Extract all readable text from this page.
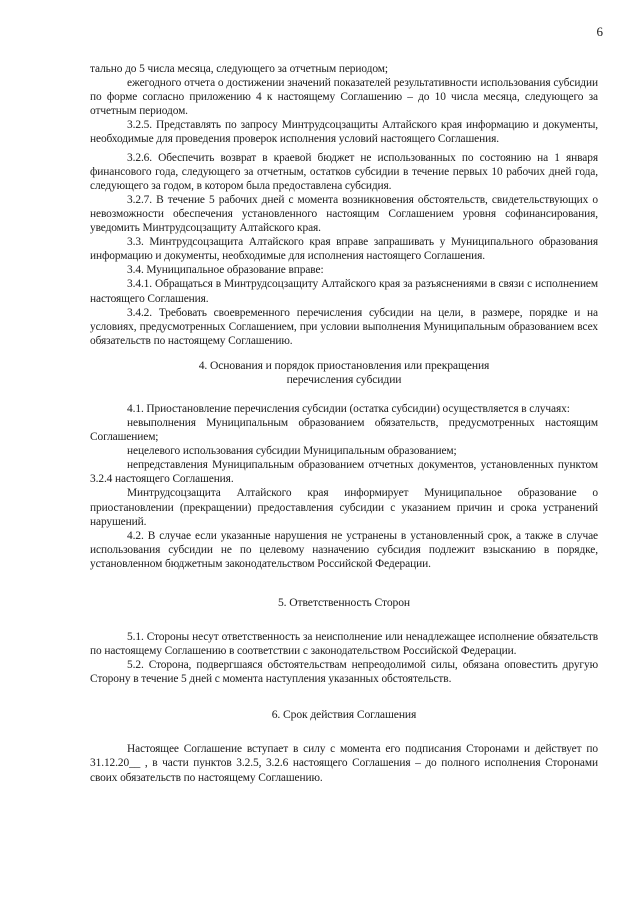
6

тально до 5 числа месяца, следующего за отчетным периодом;

ежегодного отчета о достижении значений показателей результативности использования субсидии по форме согласно приложению 4 к настоящему Соглашению – до 10 числа месяца, следующего за отчетным периодом.

3.2.5. Представлять по запросу Минтрудсоцзащиты Алтайского края информацию и документы, необходимые для проведения проверок исполнения условий настоящего Соглашения.

3.2.6. Обеспечить возврат в краевой бюджет не использованных по состоянию на 1 января финансового года, следующего за отчетным, остатков субсидии в течение первых 10 рабочих дней года, следующего за годом, в котором была предоставлена субсидия.

3.2.7. В течение 5 рабочих дней с момента возникновения обстоятельств, свидетельствующих о невозможности обеспечения установленного настоящим Соглашением уровня софинансирования, уведомить Минтрудсоцзащиту Алтайского края.

3.3. Минтрудсоцзащита Алтайского края вправе запрашивать у Муниципального образования информацию и документы, необходимые для исполнения настоящего Соглашения.

3.4. Муниципальное образование вправе:

3.4.1. Обращаться в Минтрудсоцзащиту Алтайского края за разъяснениями в связи с исполнением настоящего Соглашения.

3.4.2. Требовать своевременного перечисления субсидии на цели, в размере, порядке и на условиях, предусмотренных Соглашением, при условии выполнения Муниципальным образованием всех обязательств по настоящему Соглашению.

4. Основания и порядок приостановления или прекращения

перечисления субсидии

4.1. Приостановление перечисления субсидии (остатка субсидии) осуществляется в случаях:

невыполнения Муниципальным образованием обязательств, предусмотренных настоящим Соглашением;

нецелевого использования субсидии Муниципальным образованием;

непредставления Муниципальным образованием отчетных документов, установленных пунктом 3.2.4 настоящего Соглашения.

Минтрудсоцзащита Алтайского края информирует Муниципальное образование о приостановлении (прекращении) предоставления субсидии с указанием причин и срока устранений нарушений.

4.2. В случае если указанные нарушения не устранены в установленный срок, а также в случае использования субсидии не по целевому назначению субсидия подлежит взысканию в порядке, установленном бюджетным законодательством Российской Федерации.

5. Ответственность Сторон

5.1. Стороны несут ответственность за неисполнение или ненадлежащее исполнение обязательств по настоящему Соглашению в соответствии с законодательством Российской Федерации.

5.2. Сторона, подвергшаяся обстоятельствам непреодолимой силы, обязана оповестить другую Сторону в течение 5 дней с момента наступления указанных обстоятельств.

6. Срок действия Соглашения

Настоящее Соглашение вступает в силу с момента его подписания Сторонами и действует по 31.12.20__ , в части пунктов 3.2.5, 3.2.6 настоящего Соглашения – до полного исполнения Сторонами своих обязательств по настоящему Соглашению.
